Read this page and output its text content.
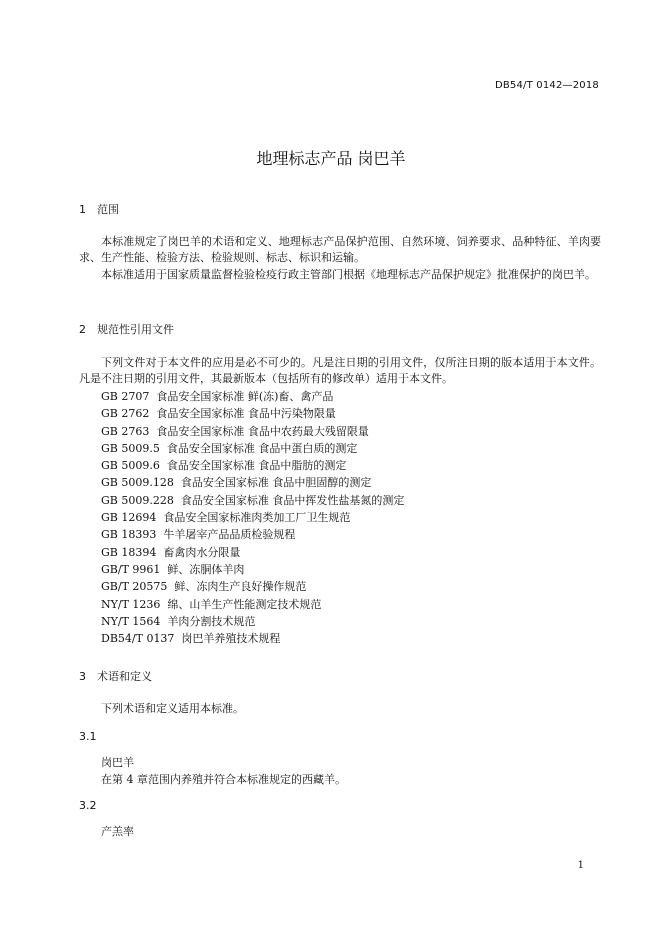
DB54/T 0142—2018
地理标志产品 岗巴羊
1 范围
本标准规定了岗巴羊的术语和定义、地理标志产品保护范围、自然环境、饲养要求、品种特征、羊肉要求、生产性能、检验方法、检验规则、标志、标识和运输。
本标准适用于国家质量监督检验检疫行政主管部门根据《地理标志产品保护规定》批准保护的岗巴羊。
2 规范性引用文件
下列文件对于本文件的应用是必不可少的。凡是注日期的引用文件，仅所注日期的版本适用于本文件。凡是不注日期的引用文件，其最新版本（包括所有的修改单）适用于本文件。
GB 2707  食品安全国家标准 鲜(冻)畜、禽产品
GB 2762  食品安全国家标准 食品中污染物限量
GB 2763  食品安全国家标准 食品中农药最大残留限量
GB 5009.5  食品安全国家标准 食品中蛋白质的测定
GB 5009.6  食品安全国家标准 食品中脂肪的测定
GB 5009.128  食品安全国家标准 食品中胆固醇的测定
GB 5009.228  食品安全国家标准 食品中挥发性盐基氮的测定
GB 12694  食品安全国家标准肉类加工厂卫生规范
GB 18393  牛羊屠宰产品品质检验规程
GB 18394  畜禽肉水分限量
GB/T 9961  鲜、冻胴体羊肉
GB/T 20575  鲜、冻肉生产良好操作规范
NY/T 1236  绵、山羊生产性能测定技术规范
NY/T 1564  羊肉分割技术规范
DB54/T 0137  岗巴羊养殖技术规程
3 术语和定义
下列术语和定义适用本标准。
3.1
岗巴羊
在第 4 章范围内养殖并符合本标准规定的西藏羊。
3.2
产羔率
1
